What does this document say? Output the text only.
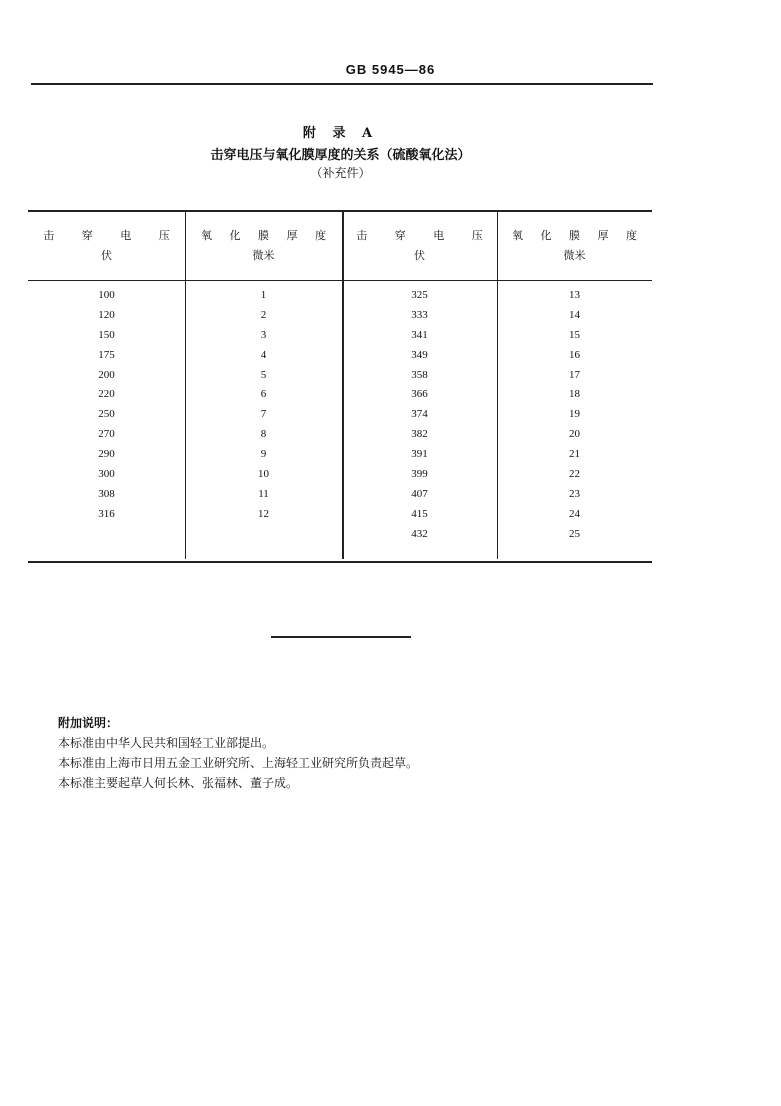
GB 5945—86
附 录 A
击穿电压与氧化膜厚度的关系（硫酸氧化法）
（补充件）
击 穿 电 压
伏
氧 化 膜 厚 度
微米
击 穿 电 压
伏
氧 化 膜 厚 度
微米
100
120
150
175
200
220
250
270
290
300
308
316
1
2
3
4
5
6
7
8
9
10
11
12
325
333
341
349
358
366
374
382
391
399
407
415
432
13
14
15
16
17
18
19
20
21
22
23
24
25
附加说明：
本标准由中华人民共和国轻工业部提出。
本标准由上海市日用五金工业研究所、上海轻工业研究所负责起草。
本标准主要起草人何长林、张福林、董子成。
